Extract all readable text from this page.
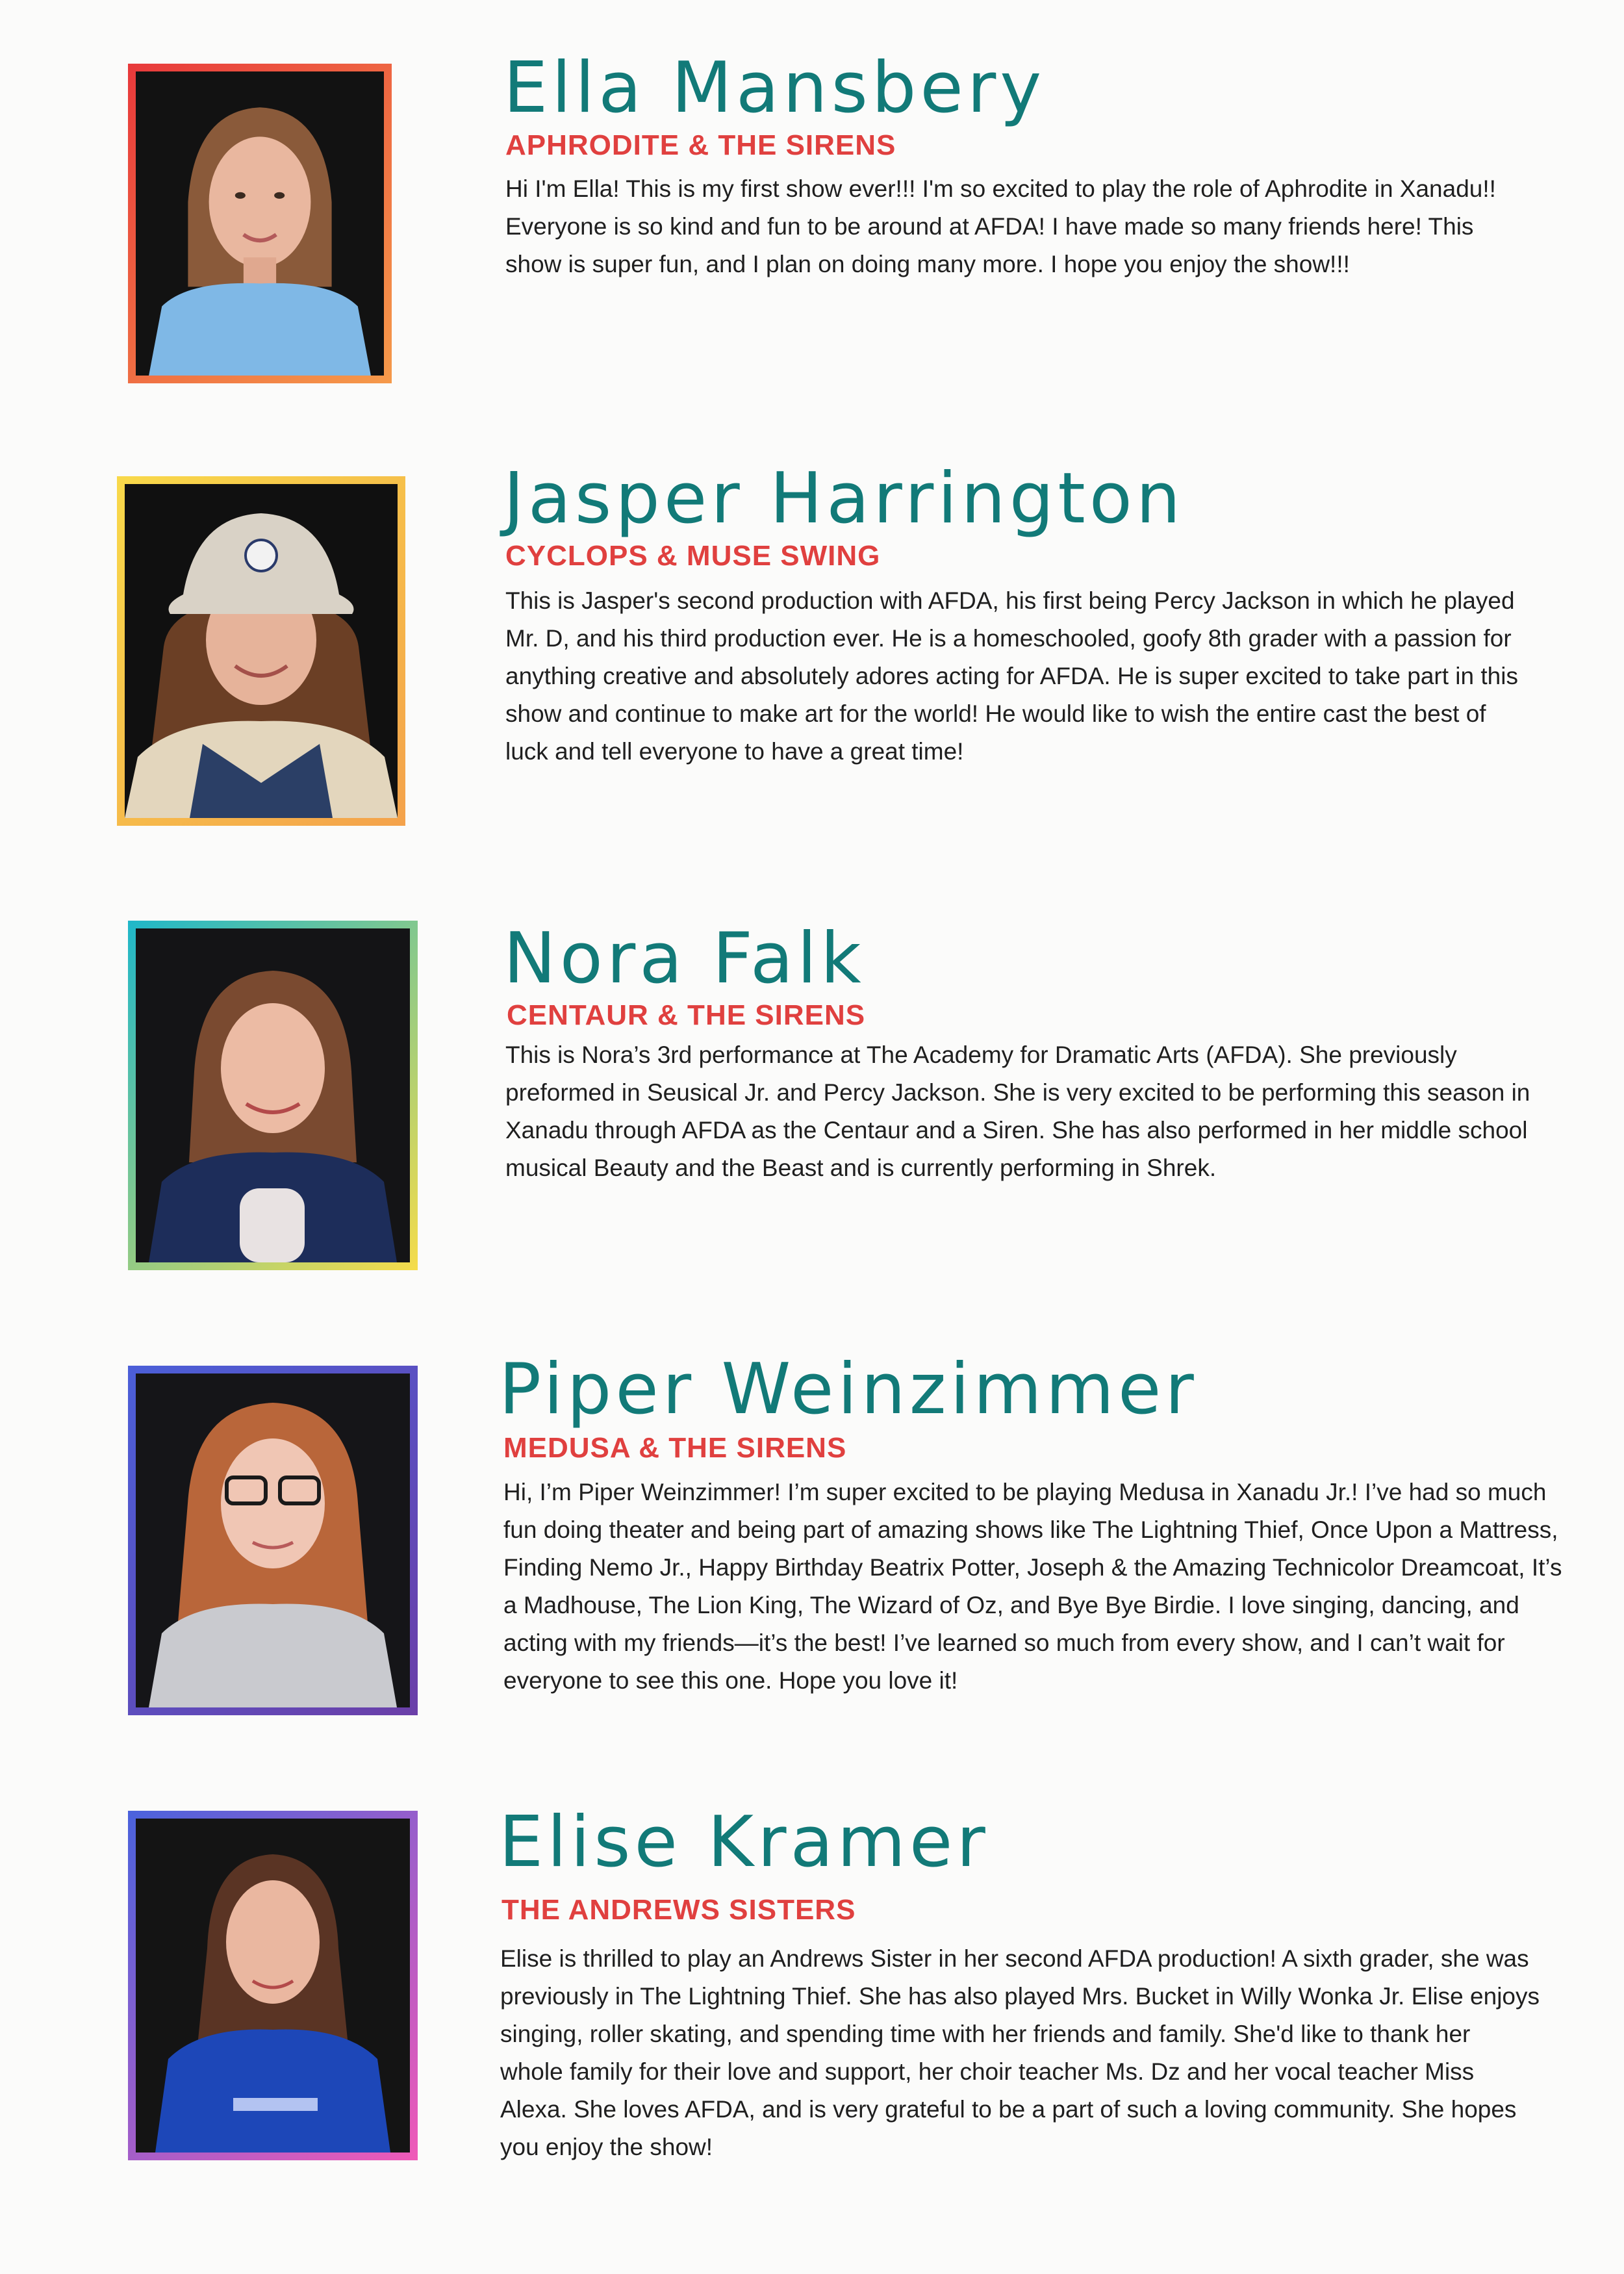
Ella Mansbery
APHRODITE & THE SIRENS

Hi I'm Ella! This is my first show ever!!! I'm so excited to play the role of Aphrodite in Xanadu!! Everyone is so kind and fun to be around at AFDA! I have made so many friends here! This show is super fun, and I plan on doing many more. I hope you enjoy the show!!!

Jasper Harrington
CYCLOPS & MUSE SWING

This is Jasper's second production with AFDA, his first being Percy Jackson in which he played Mr. D, and his third production ever. He is a homeschooled, goofy 8th grader with a passion for anything creative and absolutely adores acting for AFDA. He is super excited to take part in this show and continue to make art for the world! He would like to wish the entire cast the best of luck and tell everyone to have a great time!

Nora Falk
CENTAUR & THE SIRENS

This is Nora’s 3rd performance at The Academy for Dramatic Arts (AFDA). She previously preformed in Seusical Jr. and Percy Jackson. She is very excited to be performing this season in Xanadu through AFDA as the Centaur and a Siren. She has also performed in her middle school musical Beauty and the Beast and is currently performing in Shrek.

Piper Weinzimmer
MEDUSA & THE SIRENS

Hi, I’m Piper Weinzimmer! I’m super excited to be playing Medusa in Xanadu Jr.! I’ve had so much fun doing theater and being part of amazing shows like The Lightning Thief, Once Upon a Mattress, Finding Nemo Jr., Happy Birthday Beatrix Potter, Joseph & the Amazing Technicolor Dreamcoat, It’s a Madhouse, The Lion King, The Wizard of Oz, and Bye Bye Birdie. I love singing, dancing, and acting with my friends—it’s the best! I’ve learned so much from every show, and I can’t wait for everyone to see this one. Hope you love it!

Elise Kramer
THE ANDREWS SISTERS

Elise is thrilled to play an Andrews Sister in her second AFDA production! A sixth grader, she was previously in The Lightning Thief. She has also played Mrs. Bucket in Willy Wonka Jr. Elise enjoys singing, roller skating, and spending time with her friends and family. She'd like to thank her whole family for their love and support, her choir teacher Ms. Dz and her vocal teacher Miss Alexa. She loves AFDA, and is very grateful to be a part of such a loving community. She hopes you enjoy the show!
